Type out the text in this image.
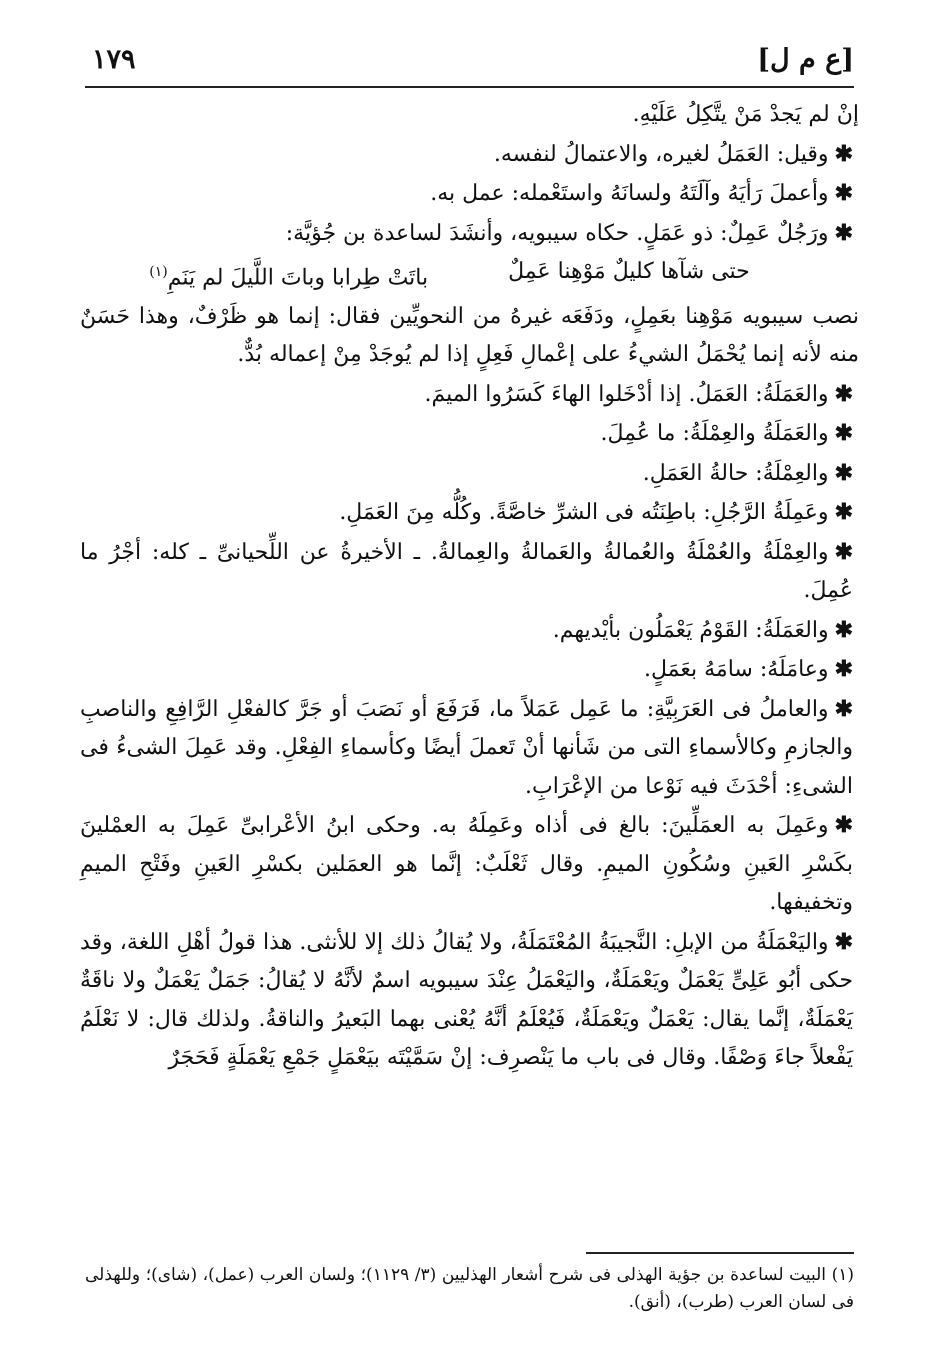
١٧٩	[ع م ل]

إنْ لم يَجدْ مَنْ يتَّكِلُ عَلَيْهِ.

✱وقيل: العَمَلُ لغيره، والاعتمالُ لنفسه.

✱وأعملَ رَأيَهُ وآلَتَهُ ولسانَهُ واستَعْمله: عمل به.

✱ورَجُلٌ عَمِلٌ: ذو عَمَلٍ. حكاه سيبويه، وأنشَدَ لساعدة بن جُؤيَّة:

حتى شآها كليلٌ مَوْهِنا عَمِلٌ
باتَتْ طِرابا وباتَ اللَّيلَ لم يَنَمِ$^{(١)}$

نصب سيبويه مَوْهِنا بعَمِلٍ، ودَفَعَه غيرهُ من النحويِّين فقال: إنما هو ظَرْفٌ، وهذا حَسَنٌ منه لأنه إنما يُحْمَلُ الشيءُ على إعْمالِ فَعِلٍ إذا لم يُوجَدْ مِنْ إعماله بُدٌّ.

✱والعَمَلَةُ: العَمَلُ. إذا أدْخَلوا الهاءَ كَسَرُوا الميمَ.

✱والعَمَلَةُ والعِمْلَةُ: ما عُمِلَ.

✱والعِمْلَةُ: حالةُ العَمَلِ.

✱وعَمِلَةُ الرَّجُلِ: باطِنَتُه فى الشرِّ خاصَّةً. وكُلُّه مِنَ العَمَلِ.

✱والعِمْلَةُ والعُمْلَةُ والعُمالةُ والعَمالةُ والعِمالةُ. ـ الأخيرةُ عن اللِّحيانىِّ ـ كله: أجْرُ ما عُمِلَ.

✱والعَمَلَةُ: القَوْمُ يَعْمَلُون بأيْديهم.

✱وعامَلَهُ: سامَهُ بعَمَلٍ.

✱والعاملُ فى العَرَبِيَّةِ: ما عَمِل عَمَلاً ما، فَرَفَعَ أو نَصَبَ أو جَرَّ كالفعْلِ الرَّافِعِ والناصبِ والجازمِ وكالأسماءِ التى من شَأنها أنْ تَعملَ أيضًا وكأسماءِ الفِعْلِ. وقد عَمِلَ الشىءُ فى الشىءِ: أحْدَثَ فيه نَوْعا من الإعْرَابِ.

✱وعَمِلَ به العمَلِّينَ: بالغ فى أذاه وعَمِلَهُ به. وحكى ابنُ الأعْرابىِّ عَمِلَ به العمْلينَ بكَسْرِ العَينِ وسُكُونِ الميمِ. وقال ثَعْلَبٌ: إنَّما هو العمَلين بكسْرِ العَينِ وفَتْحِ الميمِ وتخفيفها.

✱واليَعْمَلَةُ من الإبلِ: النَّجيبَةُ المُعْتَمَلَةُ، ولا يُقالُ ذلك إلا للأنثى. هذا قولُ أهْلِ اللغة، وقد حكى أبُو عَلِىٍّ يَعْمَلٌ ويَعْمَلَةٌ، واليَعْمَلُ عِنْدَ سيبويه اسمٌ لأنَّهُ لا يُقالُ: جَمَلٌ يَعْمَلٌ ولا ناقَةٌ يَعْمَلَةٌ، إنَّما يقال: يَعْمَلٌ ويَعْمَلَةٌ، فَيُعْلَمُ أنَّهُ يُعْنى بهما البَعيرُ والناقةُ. ولذلك قال: لا نَعْلَمُ يَفْعلاً جاءَ وَصْفًا. وقال فى باب ما يَنْصرِف: إنْ سَمَّيْتَه بيَعْمَلٍ جَمْعِ يَعْمَلَةٍ فَحَجَرٌ

(١) البيت لساعدة بن جؤية الهذلى فى شرح أشعار الهذليين (٣/ ١١٢٩)؛ ولسان العرب (عمل)، (شاى)؛ وللهذلى فى لسان العرب (طرب)، (أنق).
